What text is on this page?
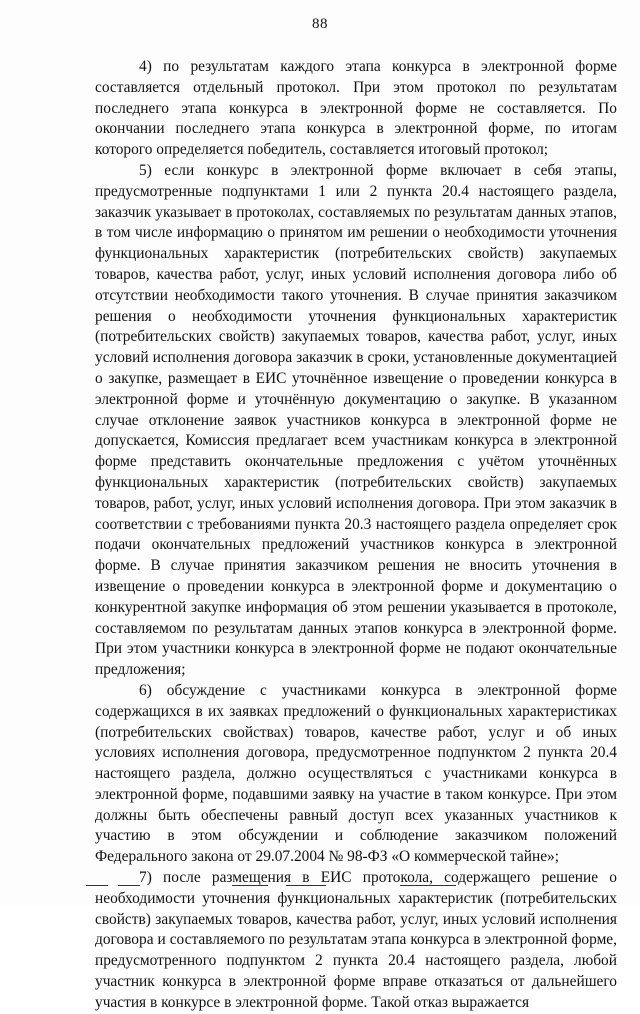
88

4) по результатам каждого этапа конкурса в электронной форме составляется отдельный протокол. При этом протокол по результатам последнего этапа конкурса в электронной форме не составляется. По окончании последнего этапа конкурса в электронной форме, по итогам которого определяется победитель, составляется итоговый протокол;

5) если конкурс в электронной форме включает в себя этапы, предусмотренные подпунктами 1 или 2 пункта 20.4 настоящего раздела, заказчик указывает в протоколах, составляемых по результатам данных этапов, в том числе информацию о принятом им решении о необходимости уточнения функциональных характеристик (потребительских свойств) закупаемых товаров, качества работ, услуг, иных условий исполнения договора либо об отсутствии необходимости такого уточнения. В случае принятия заказчиком решения о необходимости уточнения функциональных характеристик (потребительских свойств) закупаемых товаров, качества работ, услуг, иных условий исполнения договора заказчик в сроки, установленные документацией о закупке, размещает в ЕИС уточнённое извещение о проведении конкурса в электронной форме и уточнённую документацию о закупке. В указанном случае отклонение заявок участников конкурса в электронной форме не допускается, Комиссия предлагает всем участникам конкурса в электронной форме представить окончательные предложения с учётом уточнённых функциональных характеристик (потребительских свойств) закупаемых товаров, работ, услуг, иных условий исполнения договора. При этом заказчик в соответствии с требованиями пункта 20.3 настоящего раздела определяет срок подачи окончательных предложений участников конкурса в электронной форме. В случае принятия заказчиком решения не вносить уточнения в извещение о проведении конкурса в электронной форме и документацию о конкурентной закупке информация об этом решении указывается в протоколе, составляемом по результатам данных этапов конкурса в электронной форме. При этом участники конкурса в электронной форме не подают окончательные предложения;

6) обсуждение с участниками конкурса в электронной форме содержащихся в их заявках предложений о функциональных характеристиках (потребительских свойствах) товаров, качестве работ, услуг и об иных условиях исполнения договора, предусмотренное подпунктом 2 пункта 20.4 настоящего раздела, должно осуществляться с участниками конкурса в электронной форме, подавшими заявку на участие в таком конкурсе. При этом должны быть обеспечены равный доступ всех указанных участников к участию в этом обсуждении и соблюдение заказчиком положений Федерального закона от 29.07.2004 № 98-ФЗ «О коммерческой тайне»;

7) после размещения в ЕИС протокола, содержащего решение о необходимости уточнения функциональных характеристик (потребительских свойств) закупаемых товаров, качества работ, услуг, иных условий исполнения договора и составляемого по результатам этапа конкурса в электронной форме, предусмотренного подпунктом 2 пункта 20.4 настоящего раздела, любой участник конкурса в электронной форме вправе отказаться от дальнейшего участия в конкурсе в электронной форме. Такой отказ выражается
